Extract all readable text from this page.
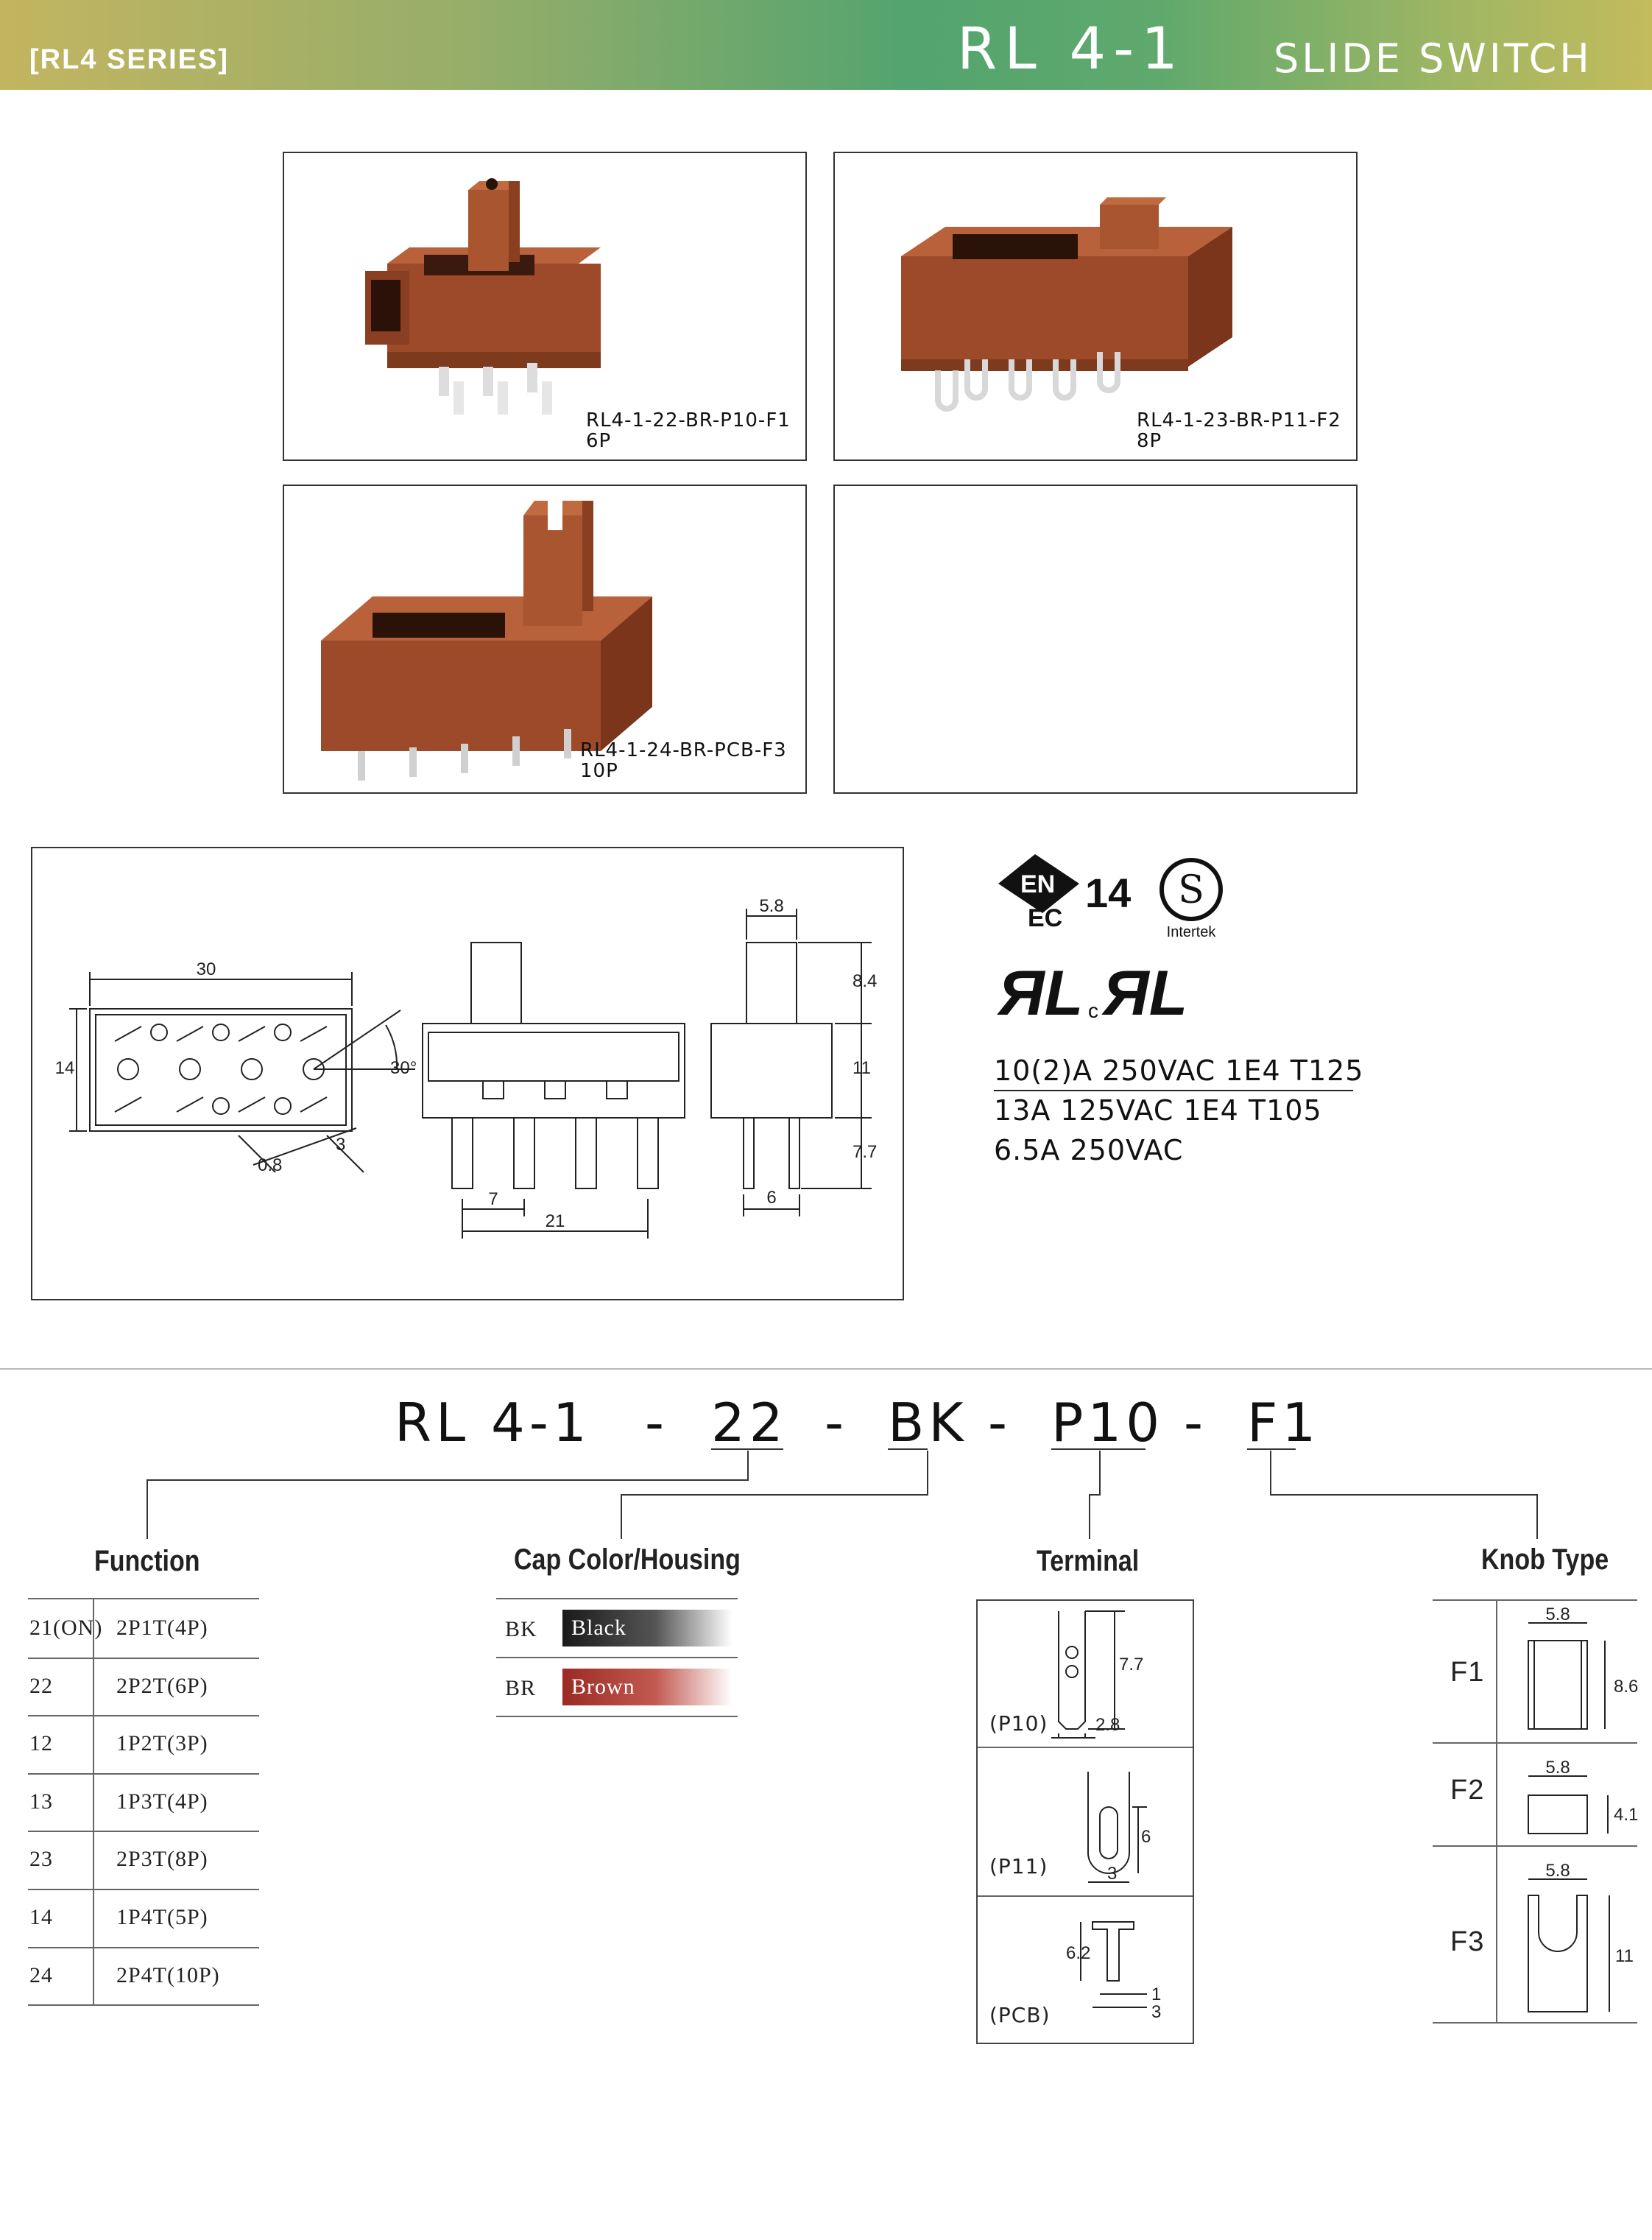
[RL4 SERIES]	RL 4-1 SLIDE SWITCH
RL4-1-22-BR-P10-F1
6P
RL4-1-23-BR-P11-F2
8P
RL4-1-24-BR-PCB-F3
10P
30
14	30°
3
0.8
7
21
5.8
8.4
11
7.7
6
EN
EC
14 S
Intertek
ЯL c ЯL
10(2)A 250VAC 1E4 T125
13A 125VAC 1E4 T105
6.5A 250VAC
RL 4-1 - 22 - BK - P10 - F1
Function
21(ON) 2P1T(4P)
22	2P2T(6P)
12	1P2T(3P)
13	1P3T(4P)
23	2P3T(8P)
14	1P4T(5P)
24	2P4T(10P)
Cap Color/Housing
BK	Black
BR	Brown
Terminal
7.7
2.8
6
3
6.2
1
3
(P10)
(P11)
(PCB)
Knob Type
F1
F2
F3
5.8
8.6
5.8
4.1
5.8
11
